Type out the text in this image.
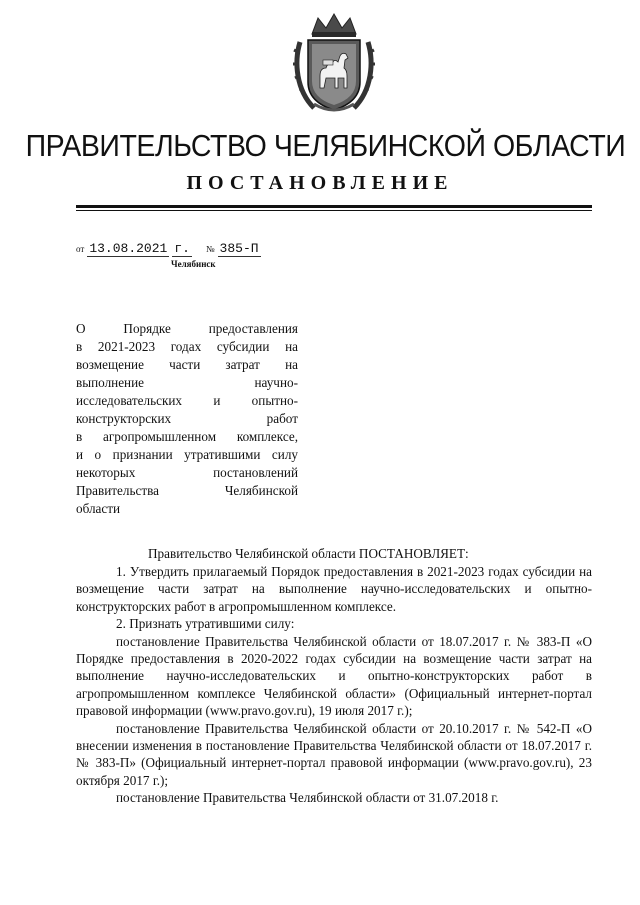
ПРАВИТЕЛЬСТВО ЧЕЛЯБИНСКОЙ ОБЛАСТИ
ПОСТАНОВЛЕНИЕ
от 13.08.2021 г. № 385-П
Челябинск
О Порядке предоставления
в 2021-2023 годах субсидии на
возмещение части затрат на
выполнение научно-
исследовательских и опытно-
конструкторских работ
в агропромышленном комплексе,
и о признании утратившими силу
некоторых постановлений
Правительства Челябинской
области
Правительство Челябинской области ПОСТАНОВЛЯЕТ:

1. Утвердить прилагаемый Порядок предоставления в 2021-2023 годах субсидии на возмещение части затрат на выполнение научно-исследовательских и опытно-конструкторских работ в агропромышленном комплексе.

2. Признать утратившими силу:

постановление Правительства Челябинской области от 18.07.2017 г. № 383-П «О Порядке предоставления в 2020-2022 годах субсидии на возмещение части затрат на выполнение научно-исследовательских и опытно-конструкторских работ в агропромышленном комплексе Челябинской области» (Официальный интернет-портал правовой информации (www.pravo.gov.ru), 19 июля 2017 г.);

постановление Правительства Челябинской области от 20.10.2017 г. № 542-П «О внесении изменения в постановление Правительства Челябинской области от 18.07.2017 г. № 383-П» (Официальный интернет-портал правовой информации (www.pravo.gov.ru), 23 октября 2017 г.);

постановление Правительства Челябинской области от 31.07.2018 г.
